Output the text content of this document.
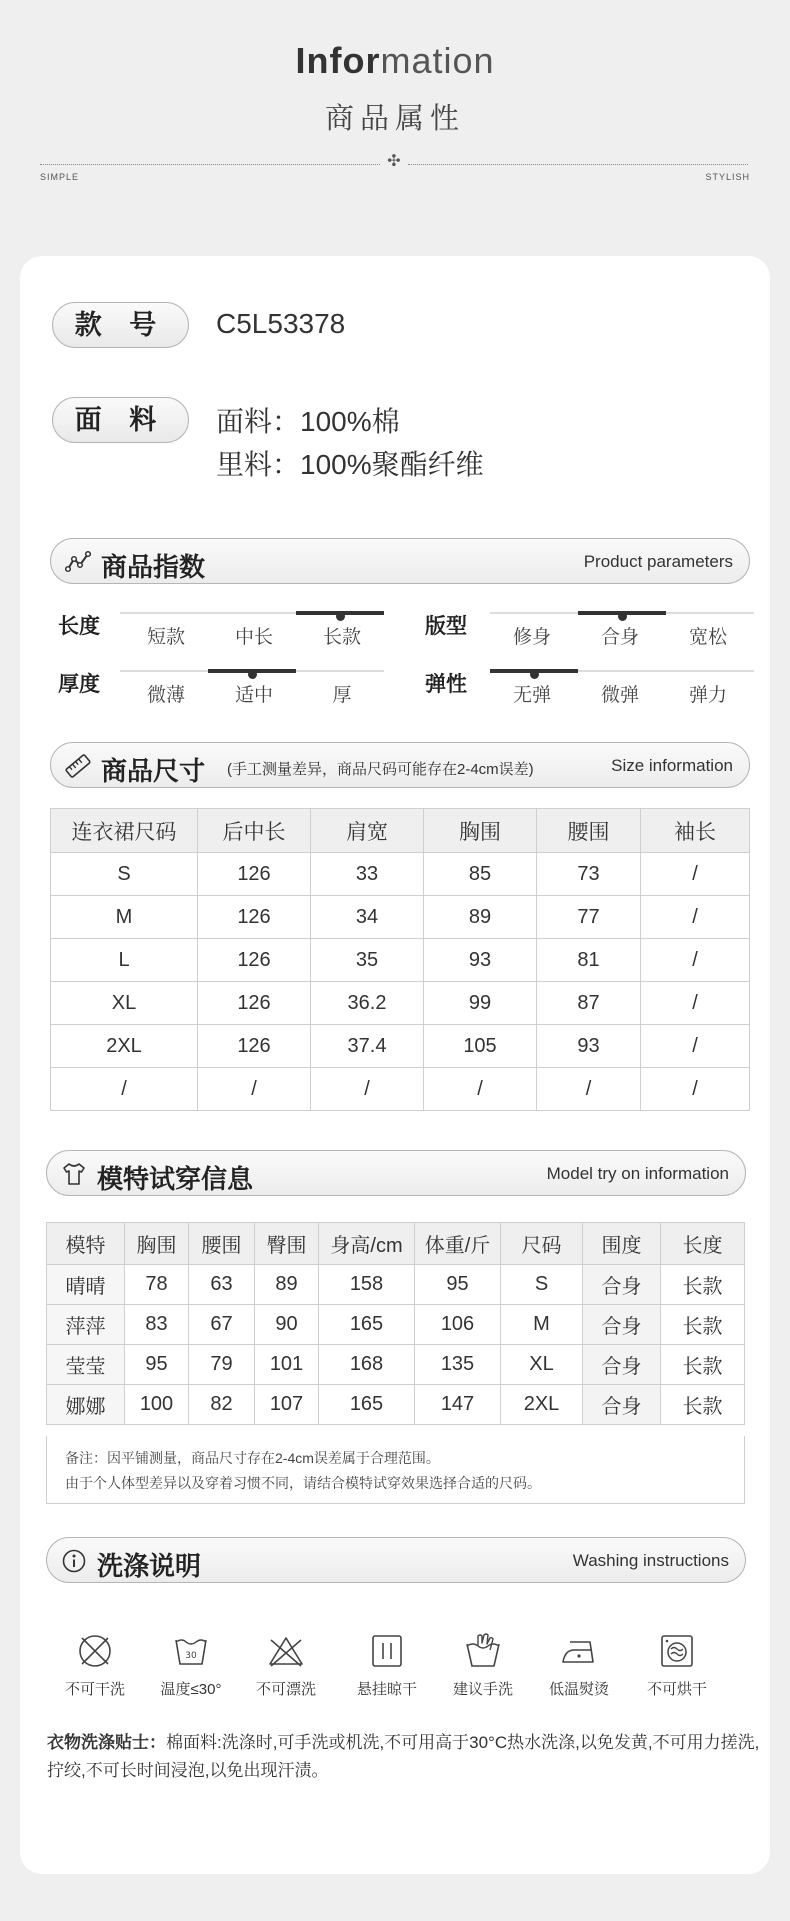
Information
商品属性
✣
SIMPLE	STYLISH
款 号	C5L53378
面 料	面料：100%棉
里料：100%聚酯纤维
商品指数	Product parameters
长度	短款	中长	长款	版型	修身	合身	宽松
厚度	微薄	适中	厚	弹性	无弹	微弹	弹力
商品尺寸 (手工测量差异，商品尺码可能存在2-4cm误差)	Size information
连衣裙尺码	后中长	肩宽	胸围	腰围	袖长
S	126	33	85	73	/
M	126	34	89	77	/
L	126	35	93	81	/
XL	126	36.2	99	87	/
2XL	126	37.4	105	93	/
/	/	/	/	/	/
模特试穿信息	Model try on information
模特	胸围	腰围	臀围	身高/cm	体重/斤	尺码	围度	长度
晴晴	78	63	89	158	95	S	合身	长款
萍萍	83	67	90	165	106	M	合身	长款
莹莹	95	79	101	168	135	XL	合身	长款
娜娜	100	82	107	165	147	2XL	合身	长款
备注：因平铺测量，商品尺寸存在2-4cm误差属于合理范围。
由于个人体型差异以及穿着习惯不同，请结合模特试穿效果选择合适的尺码。
洗涤说明	Washing instructions
不可干洗
30
温度≤30°	不可漂洗	悬挂晾干	建议手洗	低温熨烫	不可烘干
衣物洗涤贴士：棉面料:洗涤时,可手洗或机洗,不可用高于30°C热水洗涤,以免发黄,不可用力搓洗,拧绞,不可长时间浸泡,以免出现汗渍。
